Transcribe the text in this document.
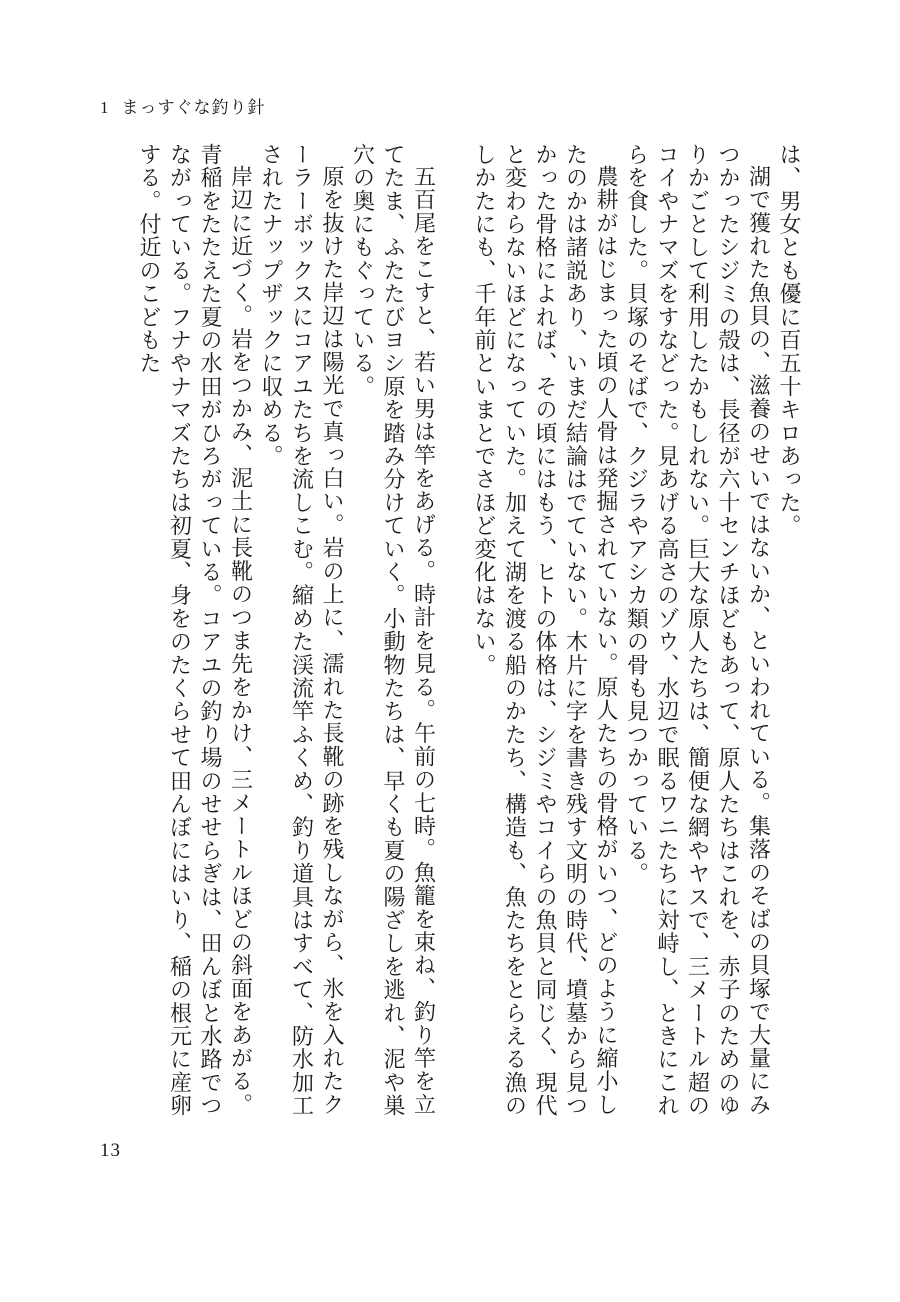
1 まっすぐな釣り針

は、男女とも優に百五十キロあった。

湖で獲れた魚貝の、滋養のせいではないか、といわれている。集落のそばの貝塚で大量にみつかったシジミの殻は、長径が六十センチほどもあって、原人たちはこれを、赤子のためのゆりかごとして利用したかもしれない。巨大な原人たちは、簡便な網やヤスで、三メートル超のコイやナマズをすなどった。見あげる高さのゾウ、水辺で眠るワニたちに対峙し、ときにこれらを食した。貝塚のそばで、クジラやアシカ類の骨も見つかっている。

農耕がはじまった頃の人骨は発掘されていない。原人たちの骨格がいつ、どのように縮小したのかは諸説あり、いまだ結論はでていない。木片に字を書き残す文明の時代、墳墓から見つかった骨格によれば、その頃にはもう、ヒトの体格は、シジミやコイらの魚貝と同じく、現代と変わらないほどになっていた。加えて湖を渡る船のかたち、構造も、魚たちをとらえる漁のしかたにも、千年前といまとでさほど変化はない。

五百尾をこすと、若い男は竿をあげる。時計を見る。午前の七時。魚籠を束ね、釣り竿を立てたま、ふたたびヨシ原を踏み分けていく。小動物たちは、早くも夏の陽ざしを逃れ、泥や巣穴の奥にもぐっている。

原を抜けた岸辺は陽光で真っ白い。岩の上に、濡れた長靴の跡を残しながら、氷を入れたクーラーボックスにコアユたちを流しこむ。縮めた渓流竿ふくめ、釣り道具はすべて、防水加工されたナップザックに収める。

岸辺に近づく。岩をつかみ、泥土に長靴のつま先をかけ、三メートルほどの斜面をあがる。青稲をたたえた夏の水田がひろがっている。コアユの釣り場のせせらぎは、田んぼと水路でつながっている。フナやナマズたちは初夏、身をのたくらせて田んぼにはいり、稲の根元に産卵する。付近のこどもた

13
